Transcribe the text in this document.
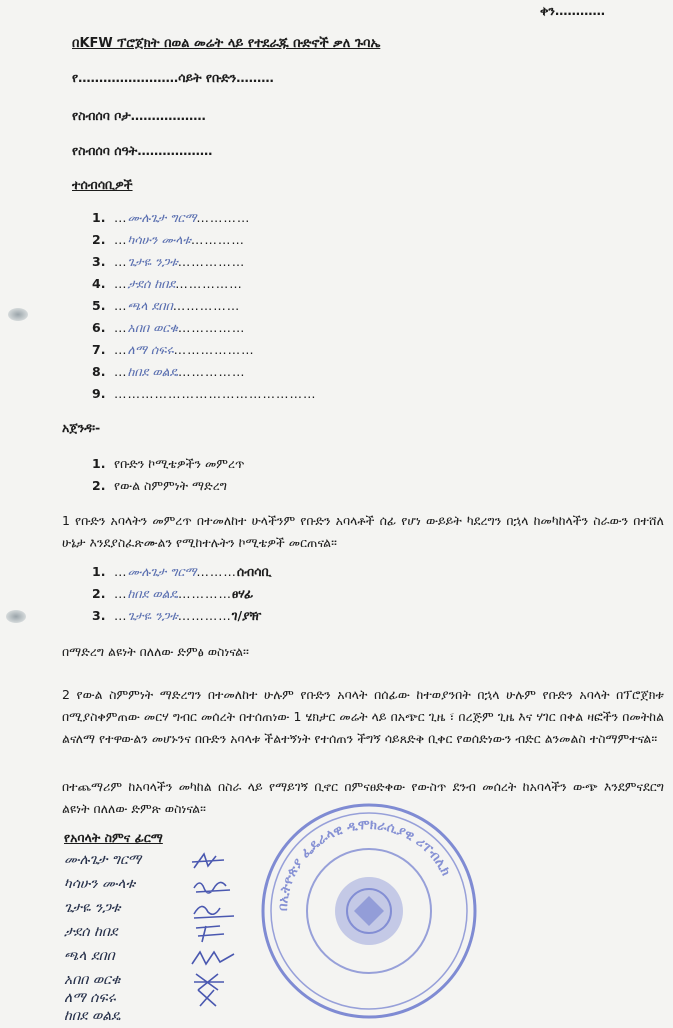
ቀን…………
በKFW ፕሮጀክት በወል መሬት ላይ የተደራጁ ቡድኖች ቃለ ጉባኤ
የ……………………ሳይት የቡድን………
የስብሰባ ቦታ………………
የስብሰባ ሰዓት………………
ተሰብሳቢዎች
1. …ሙሉጌታ ግርማ…………
2. …ካሳሁን ሙላቱ…………
3. …ጌታዬ ንጋቱ……………
4. …ታደሰ ከበደ……………
5. …ጫላ ደበበ……………
6. …አበበ ወርቁ……………
7. …ለማ ሰፍሩ………………
8. …ከበደ ወልዴ……………
9. ………………………………………
አጀንዳ፡-
1. የቡድን ኮሚቴዎችን መምረጥ
2. የውል ስምምነት ማድረግ
1 የቡድን አባላትን መምረጥ በተመለከተ ሁላችንም የቡድን አባላቶች ሰፊ የሆነ ውይይት ካደረግን በኋላ ከመካከላችን ስራውን በተሸለ ሁኔታ እንደያስፈጽሙልን የሚከተሉትን ኮሚቴዎች መርጠናል፡፡
1. …ሙሉጌታ ግርማ………ሰብሳቢ
2. …ከበደ ወልዴ…………ፀሃፊ
3. …ጌታዬ ንጋቱ…………ገ/ያዥ
በማድረግ ልዩነት በለለው ድምፅ ወስነናል፡፡
2 የውል ስምምነት ማድረግን በተመለከተ ሁሉም የቡድን አባላት በሰፊው ከተወያንበት በኋላ ሁሉም የቡድን አባላት በፕሮጀክቱ በሚያስቀምጠው መርሃ ግብር መሰረት በተሰጠነው 1 ሄክታር መሬት ላይ በአጭር ጊዜ ፣ በረጅም ጊዜ እና ሃገር በቀል ዛፎችን በመትከል ልናለማ የተዋውልን መሆኑንና በቡድን አባላቱ ችልተኝነት የተሰጠን ችግኝ ሳይጸድቅ ቢቀር የወሰድነውን ብድር ልንመልስ ተስማምተናል፡፡
በተጨማሪም ከአባላችን መካከል በስራ ላይ የማይገኝ ቢኖር በምናፀድቀው የውስጥ ደንብ መሰረት ከአባላችን ውጭ እንደምናደርግ ልዩነት በለለው ድምጽ ወስነናል፡፡
የአባላት ስምና ፊርማ
ሙሉጌታ ግርማ
ካሳሁን ሙላቱ
ጌታዬ ንጋቱ
ታደሰ ከበደ
ጫላ ደበበ
አበበ ወርቁ
ለማ ሰፍሩ
ከበደ ወልዴ
በኢትዮጵያ ፌዴራላዊ ዲሞክራሲያዊ ሪፐብሊክ
